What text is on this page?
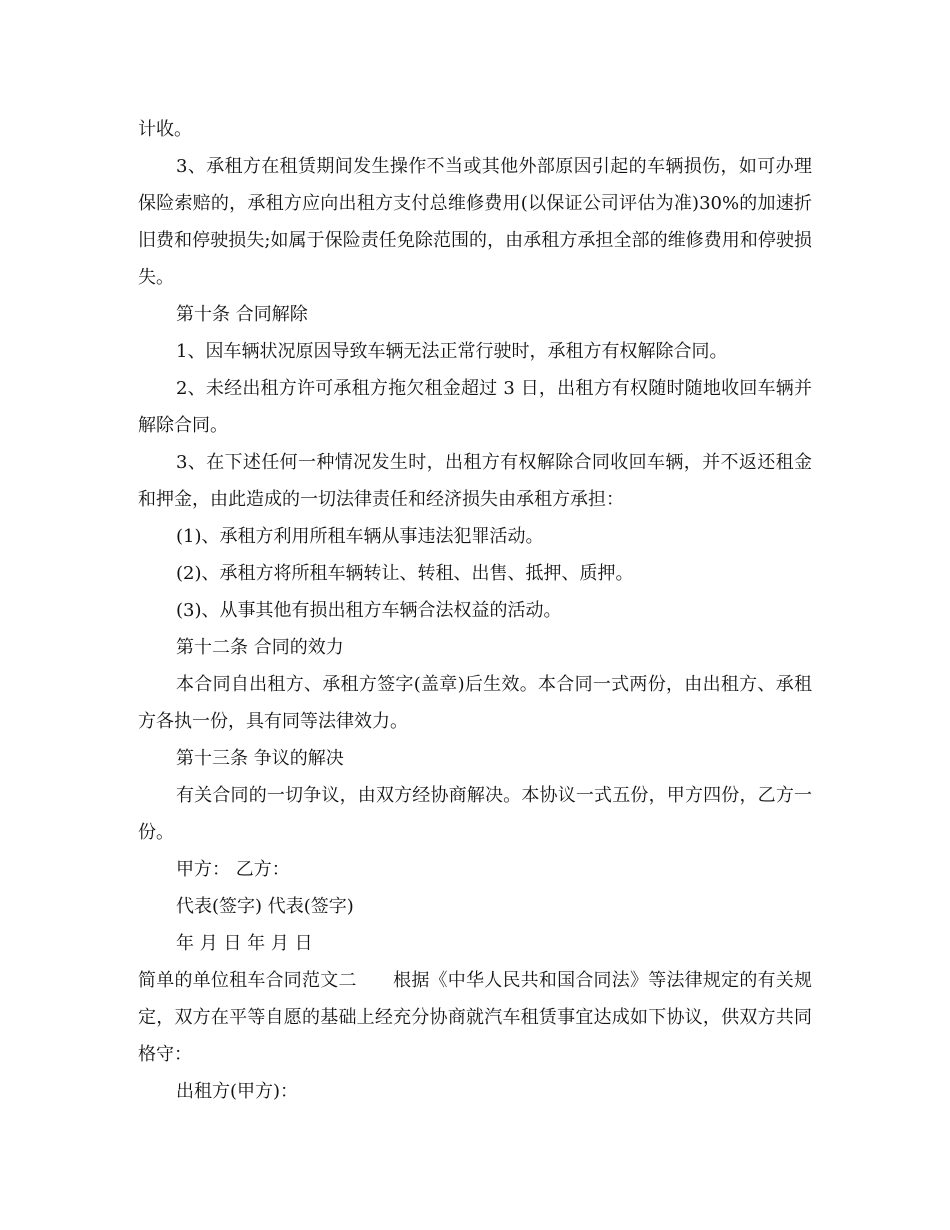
计收。

3、承租方在租赁期间发生操作不当或其他外部原因引起的车辆损伤，如可办理保险索赔的，承租方应向出租方支付总维修费用(以保证公司评估为准)30%的加速折旧费和停驶损失;如属于保险责任免除范围的，由承租方承担全部的维修费用和停驶损失。

第十条 合同解除

1、因车辆状况原因导致车辆无法正常行驶时，承租方有权解除合同。

2、未经出租方许可承租方拖欠租金超过 3 日，出租方有权随时随地收回车辆并解除合同。

3、在下述任何一种情况发生时，出租方有权解除合同收回车辆，并不返还租金和押金，由此造成的一切法律责任和经济损失由承租方承担：

(1)、承租方利用所租车辆从事违法犯罪活动。

(2)、承租方将所租车辆转让、转租、出售、抵押、质押。

(3)、从事其他有损出租方车辆合法权益的活动。

第十二条 合同的效力

本合同自出租方、承租方签字(盖章)后生效。本合同一式两份，由出租方、承租方各执一份，具有同等法律效力。

第十三条 争议的解决

有关合同的一切争议，由双方经协商解决。本协议一式五份，甲方四份，乙方一份。

甲方： 乙方：

代表(签字) 代表(签字)

年 月 日 年 月 日

简单的单位租车合同范文二　　根据《中华人民共和国合同法》等法律规定的有关规定，双方在平等自愿的基础上经充分协商就汽车租赁事宜达成如下协议，供双方共同格守：

出租方(甲方)：
